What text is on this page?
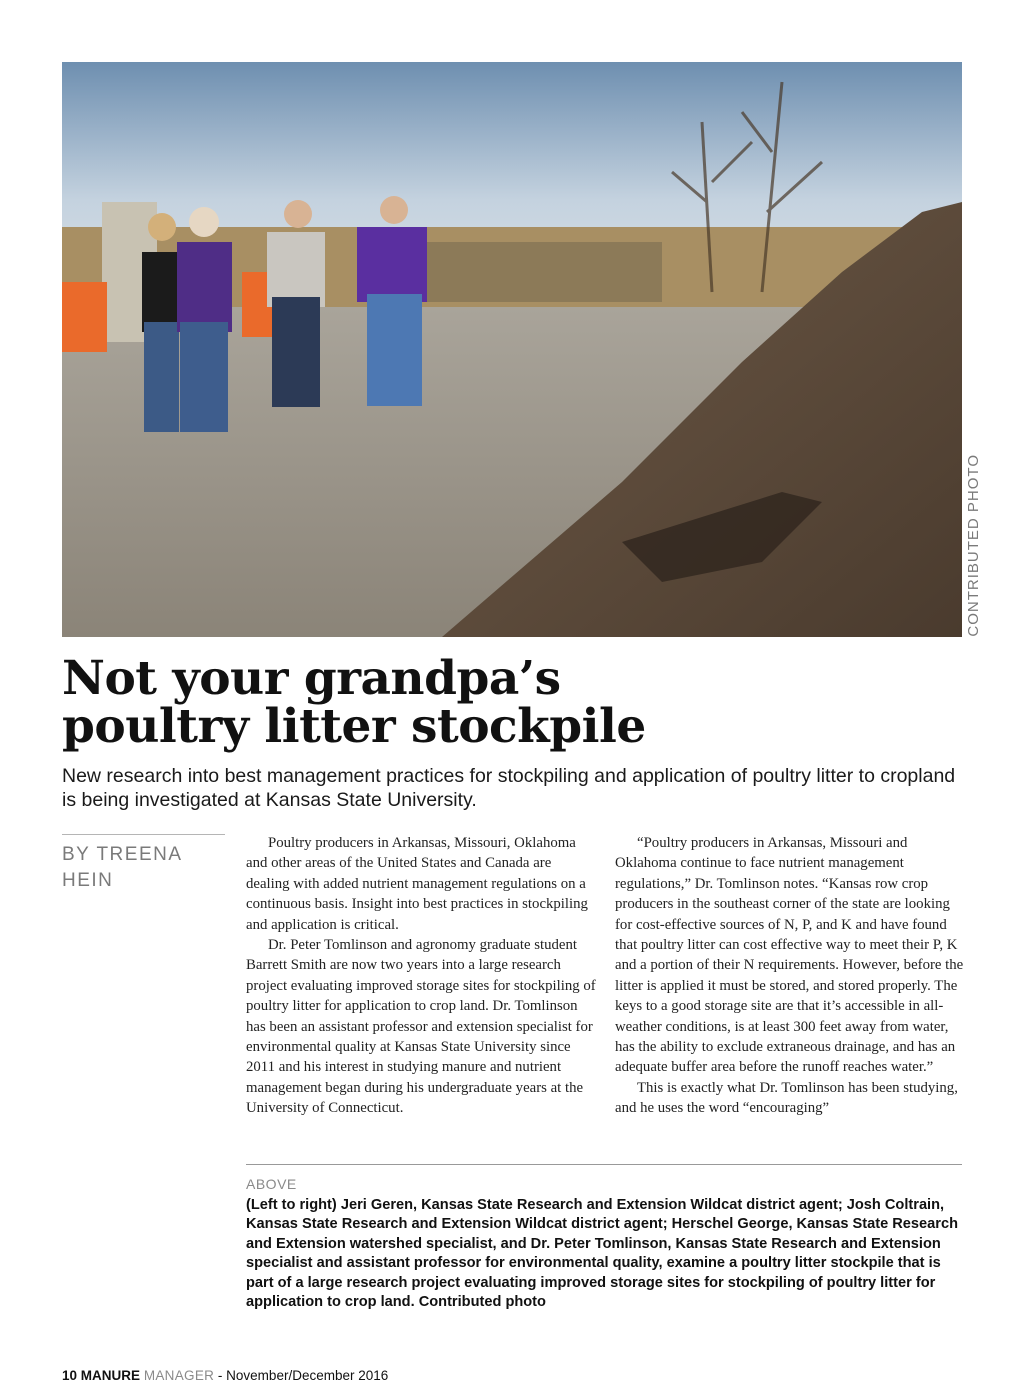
CONTRIBUTED PHOTO
Not your grandpa’s
poultry litter stockpile

New research into best management practices for stockpiling and application of poultry litter to cropland is being investigated at Kansas State University.

BY TREENA
HEIN

Poultry producers in Arkansas, Missouri, Oklahoma and other areas of the United States and Canada are dealing with added nutrient management regulations on a continuous basis. Insight into best practices in stockpiling and application is critical.

Dr. Peter Tomlinson and agronomy graduate student Barrett Smith are now two years into a large research project evaluating improved storage sites for stockpiling of poultry litter for application to crop land. Dr. Tomlinson has been an assistant professor and extension specialist for environmental quality at Kansas State University since 2011 and his interest in studying manure and nutrient management began during his undergraduate years at the University of Connecticut.

“Poultry producers in Arkansas, Missouri and Oklahoma continue to face nutrient management regulations,” Dr. Tomlinson notes. “Kansas row crop producers in the southeast corner of the state are looking for cost-effective sources of N, P, and K and have found that poultry litter can cost effective way to meet their P, K and a portion of their N requirements. However, before the litter is applied it must be stored, and stored properly. The keys to a good storage site are that it’s accessible in all-weather conditions, is at least 300 feet away from water, has the ability to exclude extraneous drainage, and has an adequate buffer area before the runoff reaches water.”

This is exactly what Dr. Tomlinson has been studying, and he uses the word “encouraging”

ABOVE

(Left to right) Jeri Geren, Kansas State Research and Extension Wildcat district agent; Josh Coltrain, Kansas State Research and Extension Wildcat district agent; Herschel George, Kansas State Research and Extension watershed specialist, and Dr. Peter Tomlinson, Kansas State Research and Extension specialist and assistant professor for environmental quality, examine a poultry litter stockpile that is part of a large research project evaluating improved storage sites for stockpiling of poultry litter for application to crop land. Contributed photo

10 MANURE MANAGER - November/December 2016
